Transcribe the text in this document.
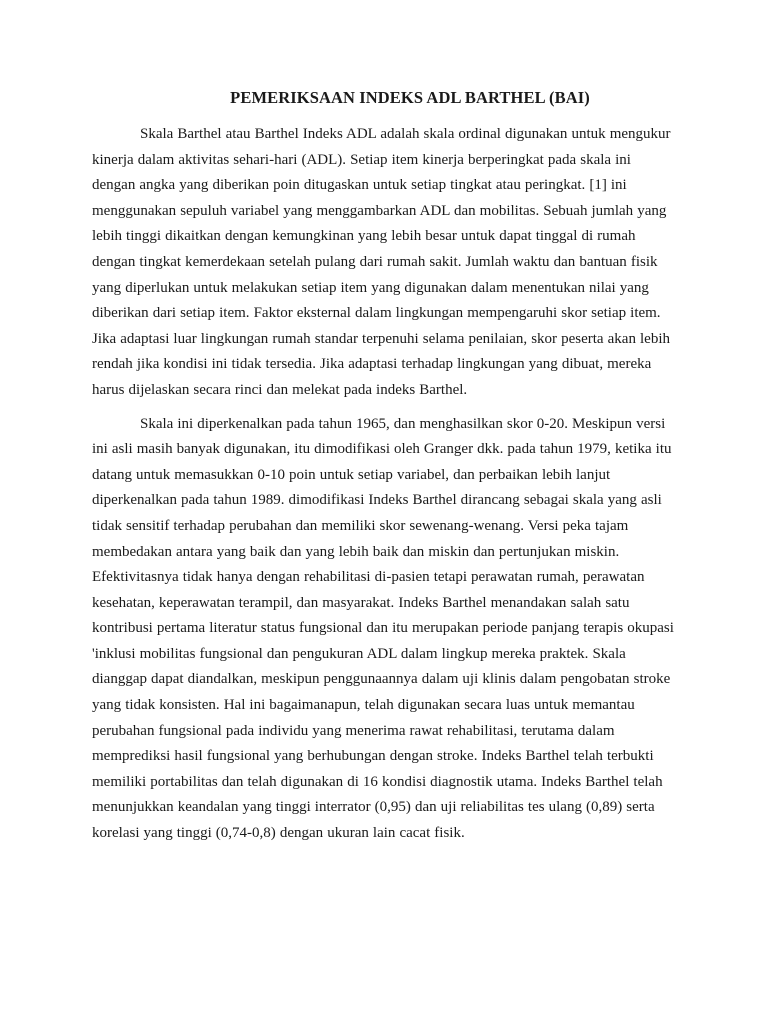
PEMERIKSAAN INDEKS ADL BARTHEL (BAI)

Skala Barthel atau Barthel Indeks ADL adalah skala ordinal digunakan untuk mengukur kinerja dalam aktivitas sehari-hari (ADL). Setiap item kinerja berperingkat pada skala ini dengan angka yang diberikan poin ditugaskan untuk setiap tingkat atau peringkat. [1] ini menggunakan sepuluh variabel yang menggambarkan ADL dan mobilitas. Sebuah jumlah yang lebih tinggi dikaitkan dengan kemungkinan yang lebih besar untuk dapat tinggal di rumah dengan tingkat kemerdekaan setelah pulang dari rumah sakit. Jumlah waktu dan bantuan fisik yang diperlukan untuk melakukan setiap item yang digunakan dalam menentukan nilai yang diberikan dari setiap item. Faktor eksternal dalam lingkungan mempengaruhi skor setiap item. Jika adaptasi luar lingkungan rumah standar terpenuhi selama penilaian, skor peserta akan lebih rendah jika kondisi ini tidak tersedia. Jika adaptasi terhadap lingkungan yang dibuat, mereka harus dijelaskan secara rinci dan melekat pada indeks Barthel.

Skala ini diperkenalkan pada tahun 1965, dan menghasilkan skor 0-20. Meskipun versi ini asli masih banyak digunakan, itu dimodifikasi oleh Granger dkk. pada tahun 1979, ketika itu datang untuk memasukkan 0-10 poin untuk setiap variabel, dan perbaikan lebih lanjut diperkenalkan pada tahun 1989. dimodifikasi Indeks Barthel dirancang sebagai skala yang asli tidak sensitif terhadap perubahan dan memiliki skor sewenang-wenang. Versi peka tajam membedakan antara yang baik dan yang lebih baik dan miskin dan pertunjukan miskin. Efektivitasnya tidak hanya dengan rehabilitasi di-pasien tetapi perawatan rumah, perawatan kesehatan, keperawatan terampil, dan masyarakat. Indeks Barthel menandakan salah satu kontribusi pertama literatur status fungsional dan itu merupakan periode panjang terapis okupasi 'inklusi mobilitas fungsional dan pengukuran ADL dalam lingkup mereka praktek. Skala dianggap dapat diandalkan, meskipun penggunaannya dalam uji klinis dalam pengobatan stroke yang tidak konsisten. Hal ini bagaimanapun, telah digunakan secara luas untuk memantau perubahan fungsional pada individu yang menerima rawat rehabilitasi, terutama dalam memprediksi hasil fungsional yang berhubungan dengan stroke. Indeks Barthel telah terbukti memiliki portabilitas dan telah digunakan di 16 kondisi diagnostik utama. Indeks Barthel telah menunjukkan keandalan yang tinggi interrator (0,95) dan uji reliabilitas tes ulang (0,89) serta korelasi yang tinggi (0,74-0,8) dengan ukuran lain cacat fisik.
